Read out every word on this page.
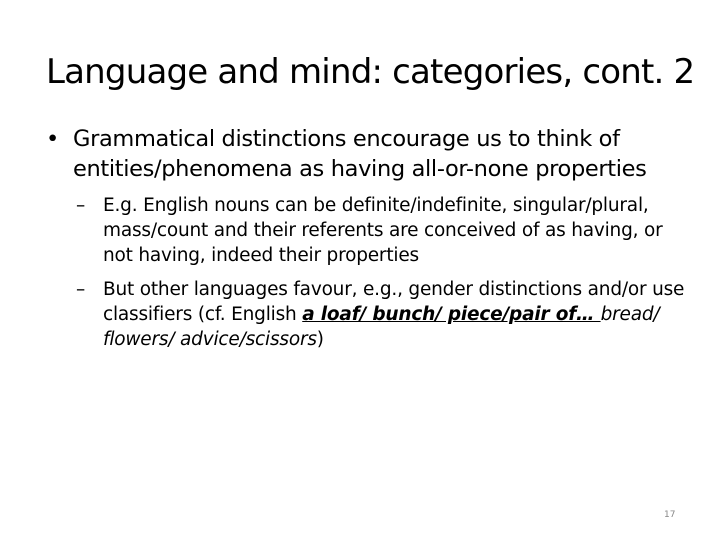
Language and mind: categories, cont. 2
• Grammatical distinctions encourage us to think of entities/phenomena as having all-or-none properties
– E.g. English nouns can be definite/indefinite, singular/plural, mass/count and their referents are conceived of as having, or not having, indeed their properties
– But other languages favour, e.g., gender distinctions and/or use classifiers (cf. English a loaf/ bunch/ piece/pair of… bread/ flowers/ advice/scissors)
17
